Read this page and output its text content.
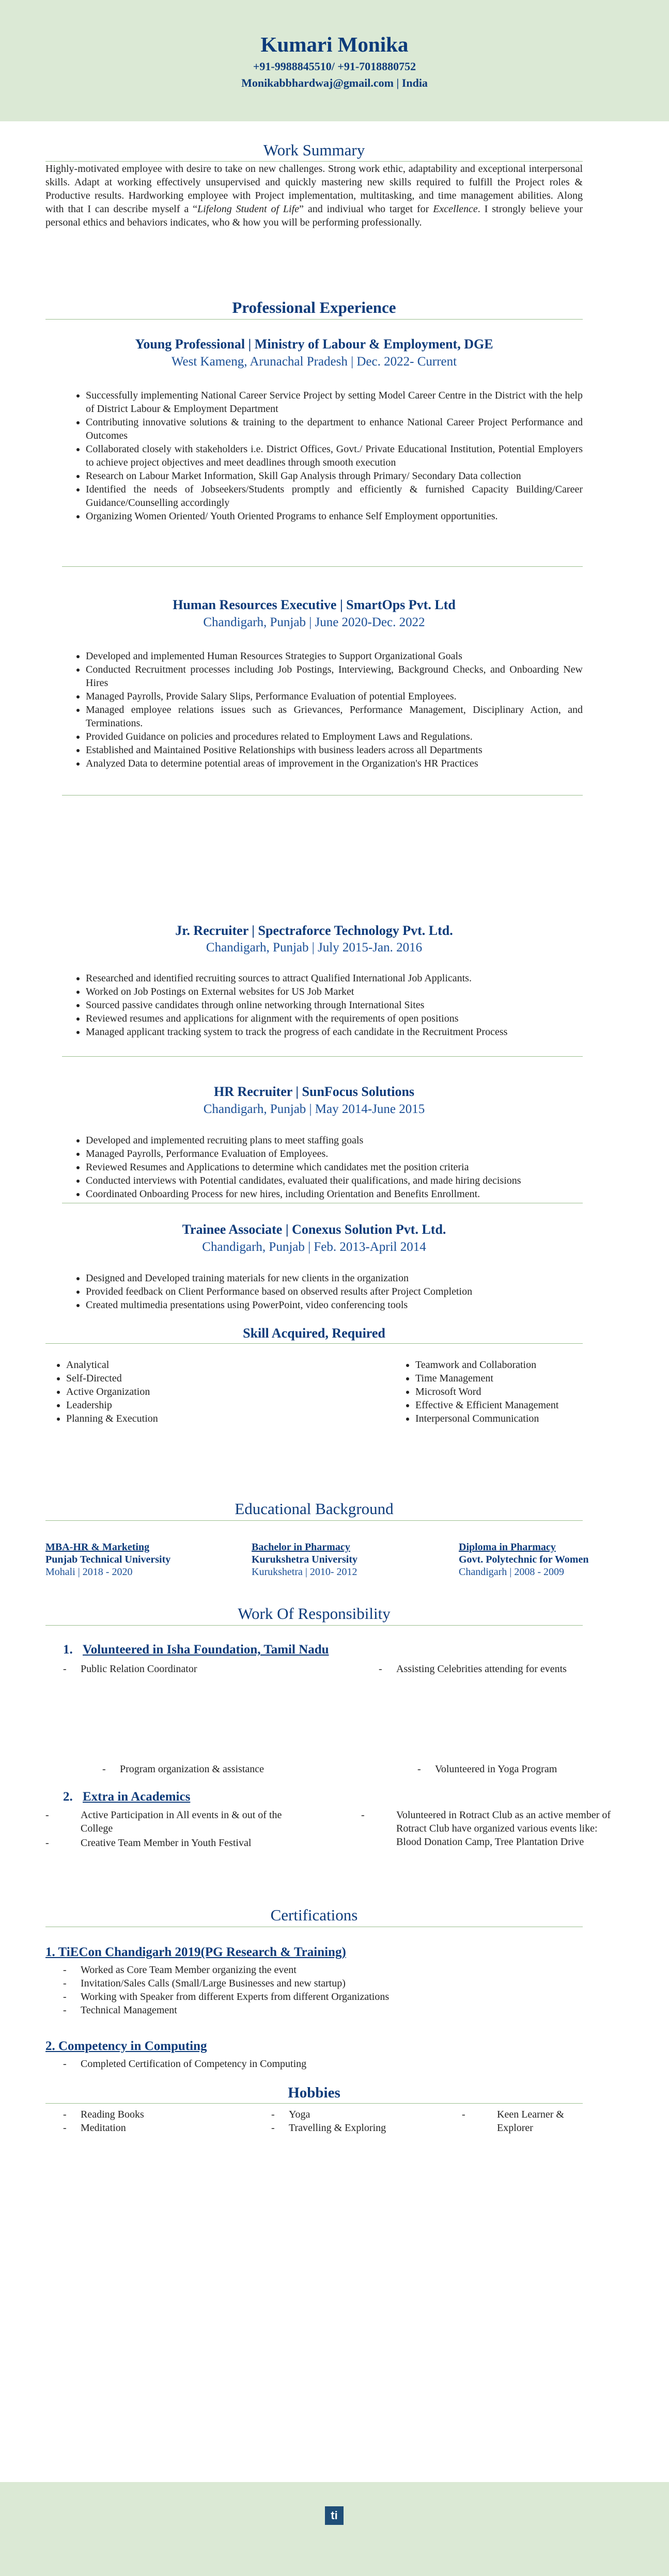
Kumari Monika
+91-9988845510/ +91-7018880752
Monikabbhardwaj@gmail.com | India
Work Summary
Highly-motivated employee with desire to take on new challenges. Strong work ethic, adaptability and exceptional interpersonal skills. Adapt at working effectively unsupervised and quickly mastering new skills required to fulfill the Project roles & Productive results. Hardworking employee with Project implementation, multitasking, and time management abilities. Along with that I can describe myself a “Lifelong Student of Life” and indiviual who target for Excellence. I strongly believe your personal ethics and behaviors indicates, who & how you will be performing professionally.
Professional Experience
Young Professional | Ministry of Labour & Employment, DGE
West Kameng, Arunachal Pradesh | Dec. 2022- Current
• Successfully implementing National Career Service Project by setting Model Career Centre in the District with the help of District Labour & Employment Department
• Contributing innovative solutions & training to the department to enhance National Career Project Performance and Outcomes
• Collaborated closely with stakeholders i.e. District Offices, Govt./ Private Educational Institution, Potential Employers to achieve project objectives and meet deadlines through smooth execution
• Research on Labour Market Information, Skill Gap Analysis through Primary/ Secondary Data collection
• Identified the needs of Jobseekers/Students promptly and efficiently & furnished Capacity Building/Career Guidance/Counselling accordingly
• Organizing Women Oriented/ Youth Oriented Programs to enhance Self Employment opportunities.
Human Resources Executive | SmartOps Pvt. Ltd
Chandigarh, Punjab | June 2020-Dec. 2022
• Developed and implemented Human Resources Strategies to Support Organizational Goals
• Conducted Recruitment processes including Job Postings, Interviewing, Background Checks, and Onboarding New Hires
• Managed Payrolls, Provide Salary Slips, Performance Evaluation of potential Employees.
• Managed employee relations issues such as Grievances, Performance Management, Disciplinary Action, and Terminations.
• Provided Guidance on policies and procedures related to Employment Laws and Regulations.
• Established and Maintained Positive Relationships with business leaders across all Departments
• Analyzed Data to determine potential areas of improvement in the Organization's HR Practices
Jr. Recruiter | Spectraforce Technology Pvt. Ltd.
Chandigarh, Punjab | July 2015-Jan. 2016
• Researched and identified recruiting sources to attract Qualified International Job Applicants.
• Worked on Job Postings on External websites for US Job Market
• Sourced passive candidates through online networking through International Sites
• Reviewed resumes and applications for alignment with the requirements of open positions
• Managed applicant tracking system to track the progress of each candidate in the Recruitment Process
HR Recruiter | SunFocus Solutions
Chandigarh, Punjab | May 2014-June 2015
• Developed and implemented recruiting plans to meet staffing goals
• Managed Payrolls, Performance Evaluation of Employees.
• Reviewed Resumes and Applications to determine which candidates met the position criteria
• Conducted interviews with Potential candidates, evaluated their qualifications, and made hiring decisions
• Coordinated Onboarding Process for new hires, including Orientation and Benefits Enrollment.
Trainee Associate | Conexus Solution Pvt. Ltd.
Chandigarh, Punjab | Feb. 2013-April 2014
• Designed and Developed training materials for new clients in the organization
• Provided feedback on Client Performance based on observed results after Project Completion
• Created multimedia presentations using PowerPoint, video conferencing tools
Skill Acquired, Required
• Analytical
• Self-Directed
• Active Organization
• Leadership
• Planning & Execution
• Teamwork and Collaboration
• Time Management
• Microsoft Word
• Effective & Efficient Management
• Interpersonal Communication
Educational Background
MBA-HR & Marketing
Punjab Technical University
Mohali | 2018 - 2020
Bachelor in Pharmacy
Kurukshetra University
Kurukshetra | 2010- 2012
Diploma in Pharmacy
Govt. Polytechnic for Women
Chandigarh | 2008 - 2009
Work Of Responsibility
1. Volunteered in Isha Foundation, Tamil Nadu
- Public Relation Coordinator	- Assisting Celebrities attending for events
- Program organization & assistance	- Volunteered in Yoga Program
2. Extra in Academics
-	Active Participation in All events in & out of the College
-	Creative Team Member in Youth Festival
-	Volunteered in Rotract Club as an active member of Rotract Club have organized various events like: Blood Donation Camp, Tree Plantation Drive
Certifications
1. TiECon Chandigarh 2019(PG Research & Training)
- Worked as Core Team Member organizing the event
- Invitation/Sales Calls (Small/Large Businesses and new startup)
- Working with Speaker from different Experts from different Organizations
- Technical Management
2. Competency in Computing
- Completed Certification of Competency in Computing
Hobbies
- Reading Books
- Meditation
- Yoga
- Travelling & Exploring
-	Keen Learner & Explorer
ti
